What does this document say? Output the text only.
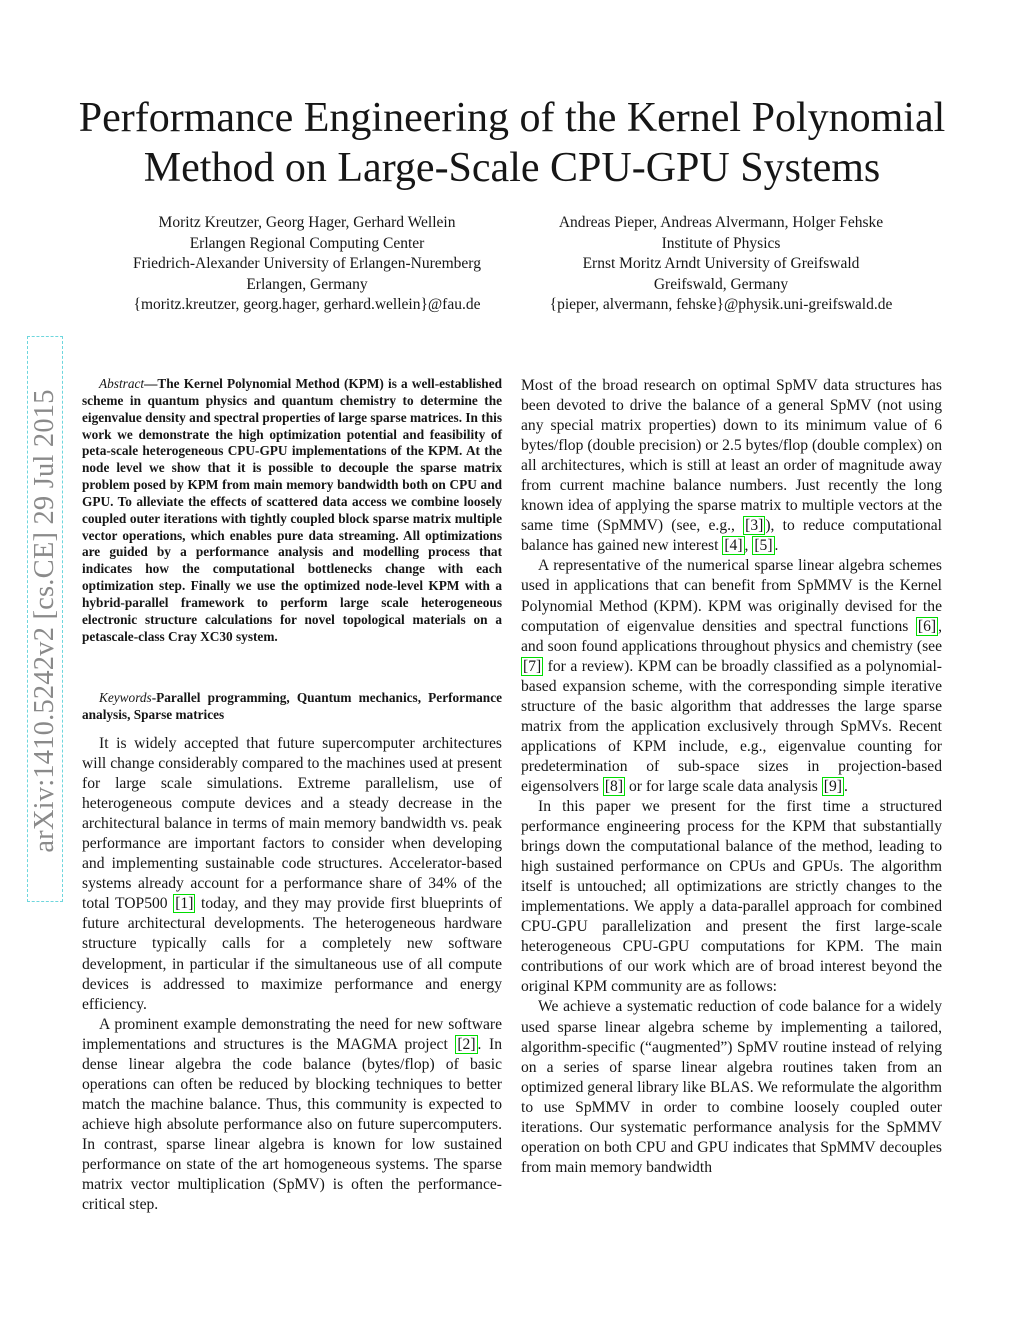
Performance Engineering of the Kernel Polynomial
Method on Large-Scale CPU-GPU Systems
Moritz Kreutzer, Georg Hager, Gerhard Wellein
Erlangen Regional Computing Center
Friedrich-Alexander University of Erlangen-Nuremberg
Erlangen, Germany
{moritz.kreutzer, georg.hager, gerhard.wellein}@fau.de
Andreas Pieper, Andreas Alvermann, Holger Fehske
Institute of Physics
Ernst Moritz Arndt University of Greifswald
Greifswald, Germany
{pieper, alvermann, fehske}@physik.uni-greifswald.de
arXiv:1410.5242v2 [cs.CE] 29 Jul 2015

Abstract—The Kernel Polynomial Method (KPM) is a well-established scheme in quantum physics and quantum chemistry to determine the eigenvalue density and spectral properties of large sparse matrices. In this work we demonstrate the high optimization potential and feasibility of peta-scale heterogeneous CPU-GPU implementations of the KPM. At the node level we show that it is possible to decouple the sparse matrix problem posed by KPM from main memory bandwidth both on CPU and GPU. To alleviate the effects of scattered data access we combine loosely coupled outer iterations with tightly coupled block sparse matrix multiple vector operations, which enables pure data streaming. All optimizations are guided by a performance analysis and modelling process that indicates how the computational bottlenecks change with each optimization step. Finally we use the optimized node-level KPM with a hybrid-parallel framework to perform large scale heterogeneous electronic structure calculations for novel topological materials on a petascale-class Cray XC30 system.

Keywords-Parallel programming, Quantum mechanics, Performance analysis, Sparse matrices

It is widely accepted that future supercomputer architectures will change considerably compared to the machines used at present for large scale simulations. Extreme parallelism, use of heterogeneous compute devices and a steady decrease in the architectural balance in terms of main memory bandwidth vs. peak performance are important factors to consider when developing and implementing sustainable code structures. Accelerator-based systems already account for a performance share of 34% of the total TOP500 [1] today, and they may provide first blueprints of future architectural developments. The heterogeneous hardware structure typically calls for a completely new software development, in particular if the simultaneous use of all compute devices is addressed to maximize performance and energy efficiency.

A prominent example demonstrating the need for new software implementations and structures is the MAGMA project [2] . In dense linear algebra the code balance (bytes/flop) of basic operations can often be reduced by blocking techniques to better match the machine balance. Thus, this community is expected to achieve high absolute performance also on future supercomputers. In contrast, sparse linear algebra is known for low sustained performance on state of the art homogeneous systems. The sparse matrix vector multiplication (SpMV) is often the performance-critical step.

Most of the broad research on optimal SpMV data structures has been devoted to drive the balance of a general SpMV (not using any special matrix properties) down to its minimum value of 6 bytes/flop (double precision) or 2.5 bytes/flop (double complex) on all architectures, which is still at least an order of magnitude away from current machine balance numbers. Just recently the long known idea of applying the sparse matrix to multiple vectors at the same time (SpMMV) (see, e.g., [3] ), to reduce computational balance has gained new interest [4] , [5] .

A representative of the numerical sparse linear algebra schemes used in applications that can benefit from SpMMV is the Kernel Polynomial Method (KPM). KPM was originally devised for the computation of eigenvalue densities and spectral functions [6] , and soon found applications throughout physics and chemistry (see [7] for a review). KPM can be broadly classified as a polynomial-based expansion scheme, with the corresponding simple iterative structure of the basic algorithm that addresses the large sparse matrix from the application exclusively through SpMVs. Recent applications of KPM include, e.g., eigenvalue counting for predetermination of sub-space sizes in projection-based eigensolvers [8] or for large scale data analysis [9] .

In this paper we present for the first time a structured performance engineering process for the KPM that substantially brings down the computational balance of the method, leading to high sustained performance on CPUs and GPUs. The algorithm itself is untouched; all optimizations are strictly changes to the implementations. We apply a data-parallel approach for combined CPU-GPU parallelization and present the first large-scale heterogeneous CPU-GPU computations for KPM. The main contributions of our work which are of broad interest beyond the original KPM community are as follows:

We achieve a systematic reduction of code balance for a widely used sparse linear algebra scheme by implementing a tailored, algorithm-specific (“augmented”) SpMV routine instead of relying on a series of sparse linear algebra routines taken from an optimized general library like BLAS. We reformulate the algorithm to use SpMMV in order to combine loosely coupled outer iterations. Our systematic performance analysis for the SpMMV operation on both CPU and GPU indicates that SpMMV decouples from main memory bandwidth
